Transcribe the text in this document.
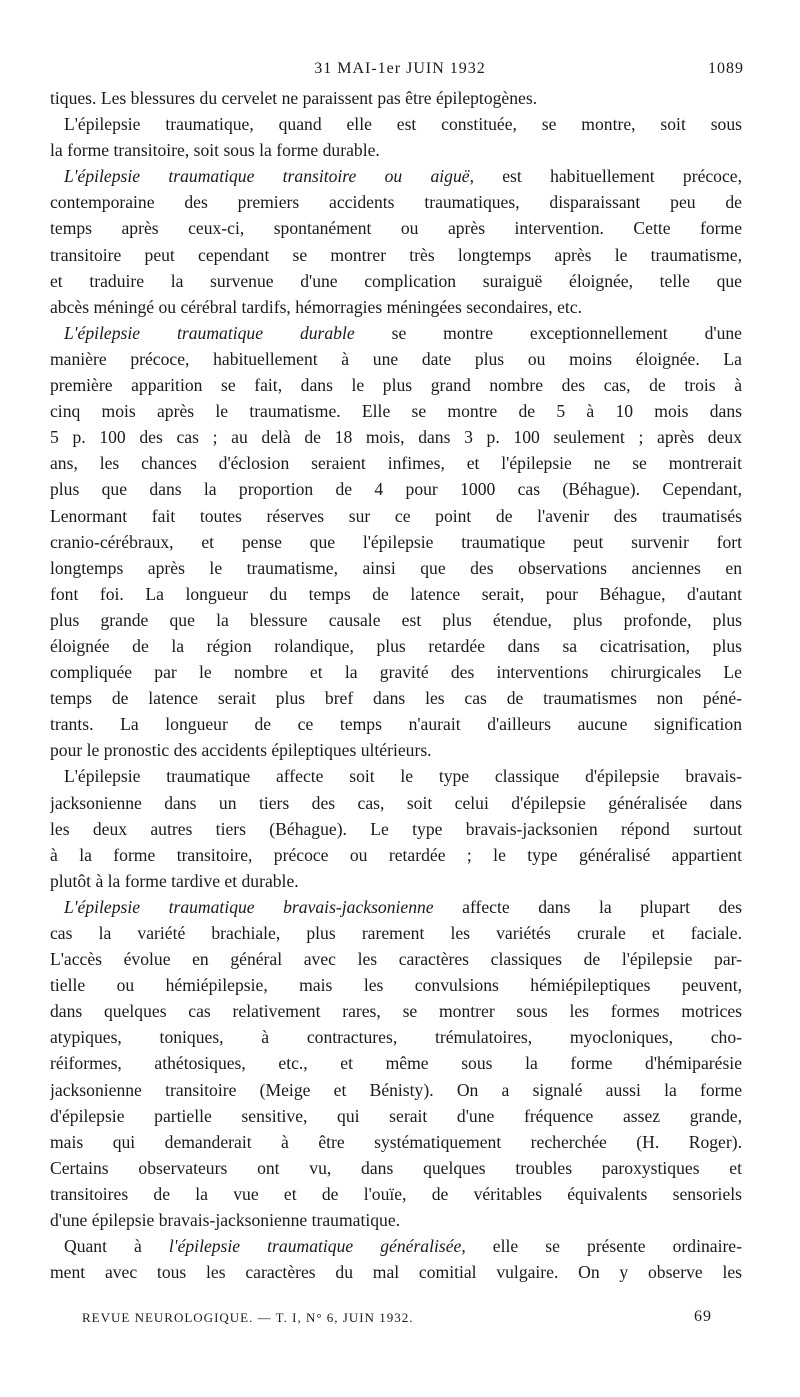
31 MAI-1er JUIN 1932	1089
tiques. Les blessures du cervelet ne paraissent pas être épileptogènes.
L'épilepsie traumatique, quand elle est constituée, se montre, soit sous
la forme transitoire, soit sous la forme durable.
L'épilepsie traumatique transitoire ou aiguë, est habituellement précoce,
contemporaine des premiers accidents traumatiques, disparaissant peu de
temps après ceux-ci, spontanément ou après intervention. Cette forme
transitoire peut cependant se montrer très longtemps après le traumatisme,
et traduire la survenue d'une complication suraiguë éloignée, telle que
abcès méningé ou cérébral tardifs, hémorragies méningées secondaires, etc.
L'épilepsie traumatique durable se montre exceptionnellement d'une
manière précoce, habituellement à une date plus ou moins éloignée. La
première apparition se fait, dans le plus grand nombre des cas, de trois à
cinq mois après le traumatisme. Elle se montre de 5 à 10 mois dans
5 p. 100 des cas ; au delà de 18 mois, dans 3 p. 100 seulement ; après deux
ans, les chances d'éclosion seraient infimes, et l'épilepsie ne se montrerait
plus que dans la proportion de 4 pour 1000 cas (Béhague). Cependant,
Lenormant fait toutes réserves sur ce point de l'avenir des traumatisés
cranio-cérébraux, et pense que l'épilepsie traumatique peut survenir fort
longtemps après le traumatisme, ainsi que des observations anciennes en
font foi. La longueur du temps de latence serait, pour Béhague, d'autant
plus grande que la blessure causale est plus étendue, plus profonde, plus
éloignée de la région rolandique, plus retardée dans sa cicatrisation, plus
compliquée par le nombre et la gravité des interventions chirurgicales Le
temps de latence serait plus bref dans les cas de traumatismes non péné-
trants. La longueur de ce temps n'aurait d'ailleurs aucune signification
pour le pronostic des accidents épileptiques ultérieurs.
L'épilepsie traumatique affecte soit le type classique d'épilepsie bravais-
jacksonienne dans un tiers des cas, soit celui d'épilepsie généralisée dans
les deux autres tiers (Béhague). Le type bravais-jacksonien répond surtout
à la forme transitoire, précoce ou retardée ; le type généralisé appartient
plutôt à la forme tardive et durable.
L'épilepsie traumatique bravais-jacksonienne affecte dans la plupart des
cas la variété brachiale, plus rarement les variétés crurale et faciale.
L'accès évolue en général avec les caractères classiques de l'épilepsie par-
tielle ou hémiépilepsie, mais les convulsions hémiépileptiques peuvent,
dans quelques cas relativement rares, se montrer sous les formes motrices
atypiques, toniques, à contractures, trémulatoires, myocloniques, cho-
réiformes, athétosiques, etc., et même sous la forme d'hémiparésie
jacksonienne transitoire (Meige et Bénisty). On a signalé aussi la forme
d'épilepsie partielle sensitive, qui serait d'une fréquence assez grande,
mais qui demanderait à être systématiquement recherchée (H. Roger).
Certains observateurs ont vu, dans quelques troubles paroxystiques et
transitoires de la vue et de l'ouïe, de véritables équivalents sensoriels
d'une épilepsie bravais-jacksonienne traumatique.
Quant à l'épilepsie traumatique généralisée, elle se présente ordinaire-
ment avec tous les caractères du mal comitial vulgaire. On y observe les
REVUE NEUROLOGIQUE. — T. I, N° 6, JUIN 1932.	69
